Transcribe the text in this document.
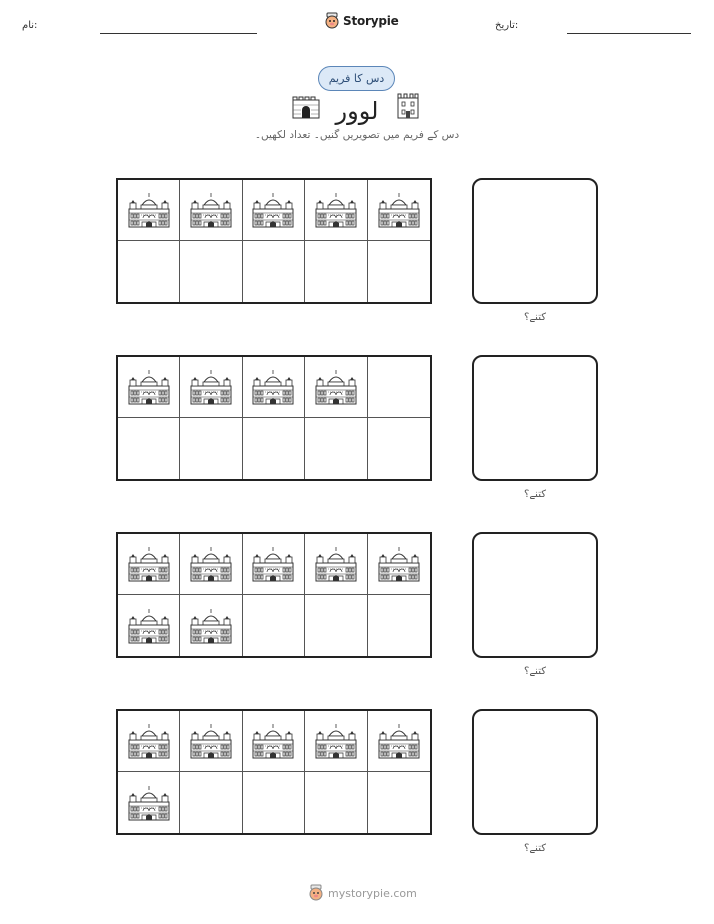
نام:	تاریخ:
Storypie
دس کا فریم
لوور
دس کے فریم میں تصویریں گنیں۔ تعداد لکھیں۔
کتنے؟
کتنے؟
کتنے؟
کتنے؟
mystorypie.com
